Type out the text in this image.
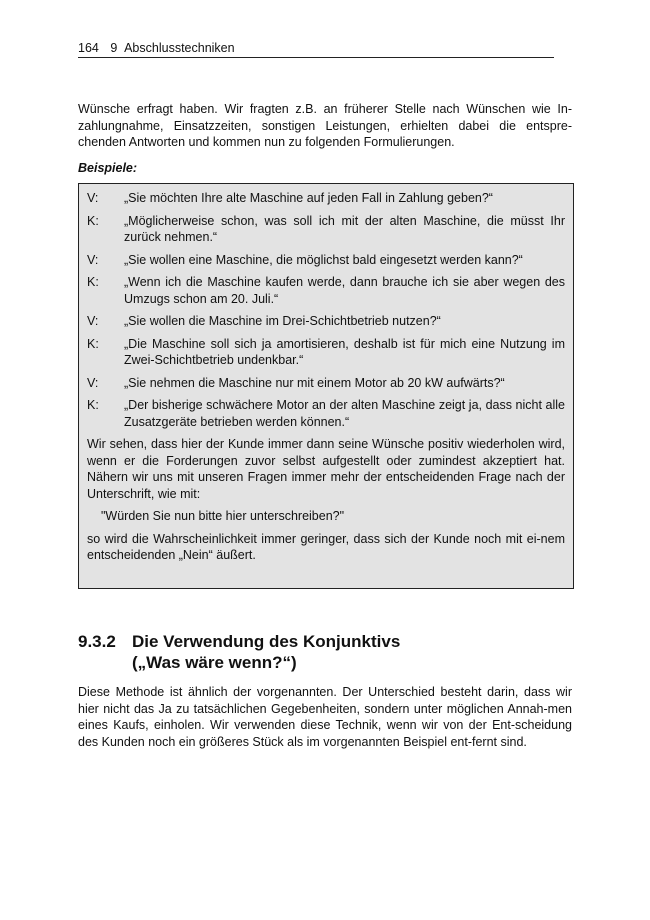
164 9 Abschlusstechniken

Wünsche erfragt haben. Wir fragten z.B. an früherer Stelle nach Wünschen wie In-zahlungnahme, Einsatzzeiten, sonstigen Leistungen, erhielten dabei die entspre-chenden Antworten und kommen nun zu folgenden Formulierungen.

Beispiele:
V:	„Sie möchten Ihre alte Maschine auf jeden Fall in Zahlung geben?“
K:	„Möglicherweise schon, was soll ich mit der alten Maschine, die müsst Ihr zurück nehmen.“
V:	„Sie wollen eine Maschine, die möglichst bald eingesetzt werden kann?“
K:	„Wenn ich die Maschine kaufen werde, dann brauche ich sie aber wegen des Umzugs schon am 20. Juli.“
V:	„Sie wollen die Maschine im Drei-Schichtbetrieb nutzen?“
K:	„Die Maschine soll sich ja amortisieren, deshalb ist für mich eine Nutzung im Zwei-Schichtbetrieb undenkbar.“
V:	„Sie nehmen die Maschine nur mit einem Motor ab 20 kW aufwärts?“
K:	„Der bisherige schwächere Motor an der alten Maschine zeigt ja, dass nicht alle Zusatzgeräte betrieben werden können.“

Wir sehen, dass hier der Kunde immer dann seine Wünsche positiv wiederholen wird, wenn er die Forderungen zuvor selbst aufgestellt oder zumindest akzeptiert hat. Nähern wir uns mit unseren Fragen immer mehr der entscheidenden Frage nach der Unterschrift, wie mit:

"Würden Sie nun bitte hier unterschreiben?"

so wird die Wahrscheinlichkeit immer geringer, dass sich der Kunde noch mit ei-nem entscheidenden „Nein“ äußert.

9.3.2 Die Verwendung des Konjunktivs
(„Was wäre wenn?“)

Diese Methode ist ähnlich der vorgenannten. Der Unterschied besteht darin, dass wir hier nicht das Ja zu tatsächlichen Gegebenheiten, sondern unter möglichen Annah-men eines Kaufs, einholen. Wir verwenden diese Technik, wenn wir von der Ent-scheidung des Kunden noch ein größeres Stück als im vorgenannten Beispiel ent-fernt sind.
